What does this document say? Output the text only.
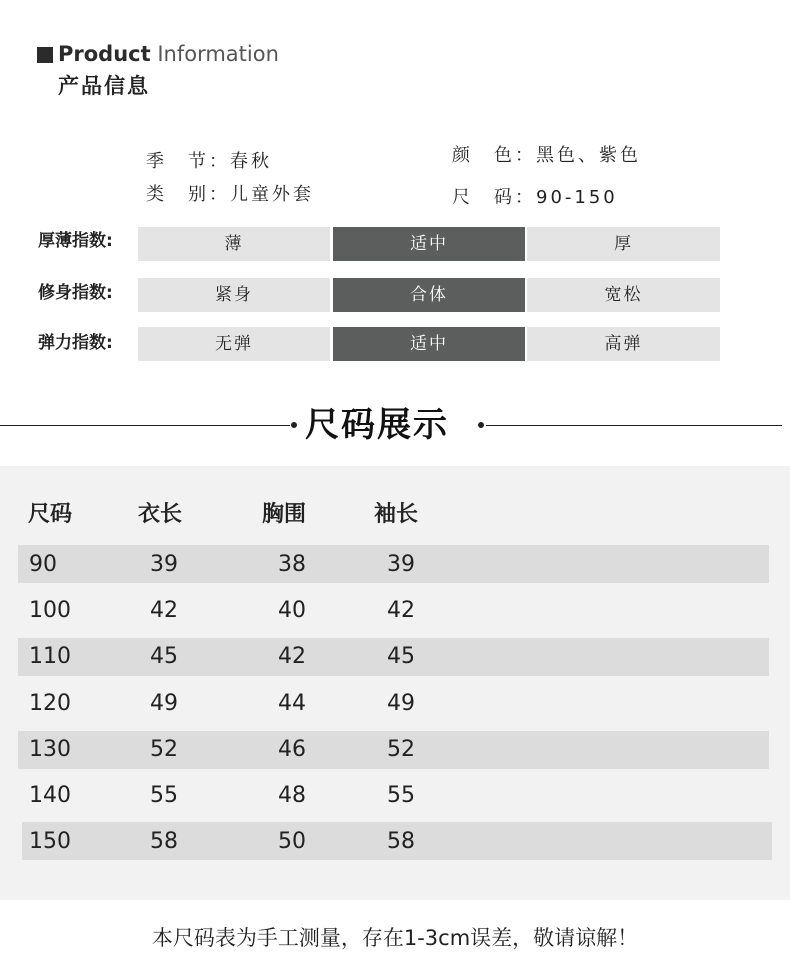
Product Information
产品信息
季　节：春秋
类　别：儿童外套
颜　色：黑色、紫色
尺　码：90-150
厚薄指数:	薄	适中	厚
修身指数:	紧身	合体	宽松
弹力指数:	无弹	适中	高弹
尺码展示
尺码	衣长	胸围	袖长
90	39	38	39
100	42	40	42
110	45	42	45
120	49	44	49
130	52	46	52
140	55	48	55
150	58	50	58
本尺码表为手工测量，存在1-3cm误差，敬请谅解！
